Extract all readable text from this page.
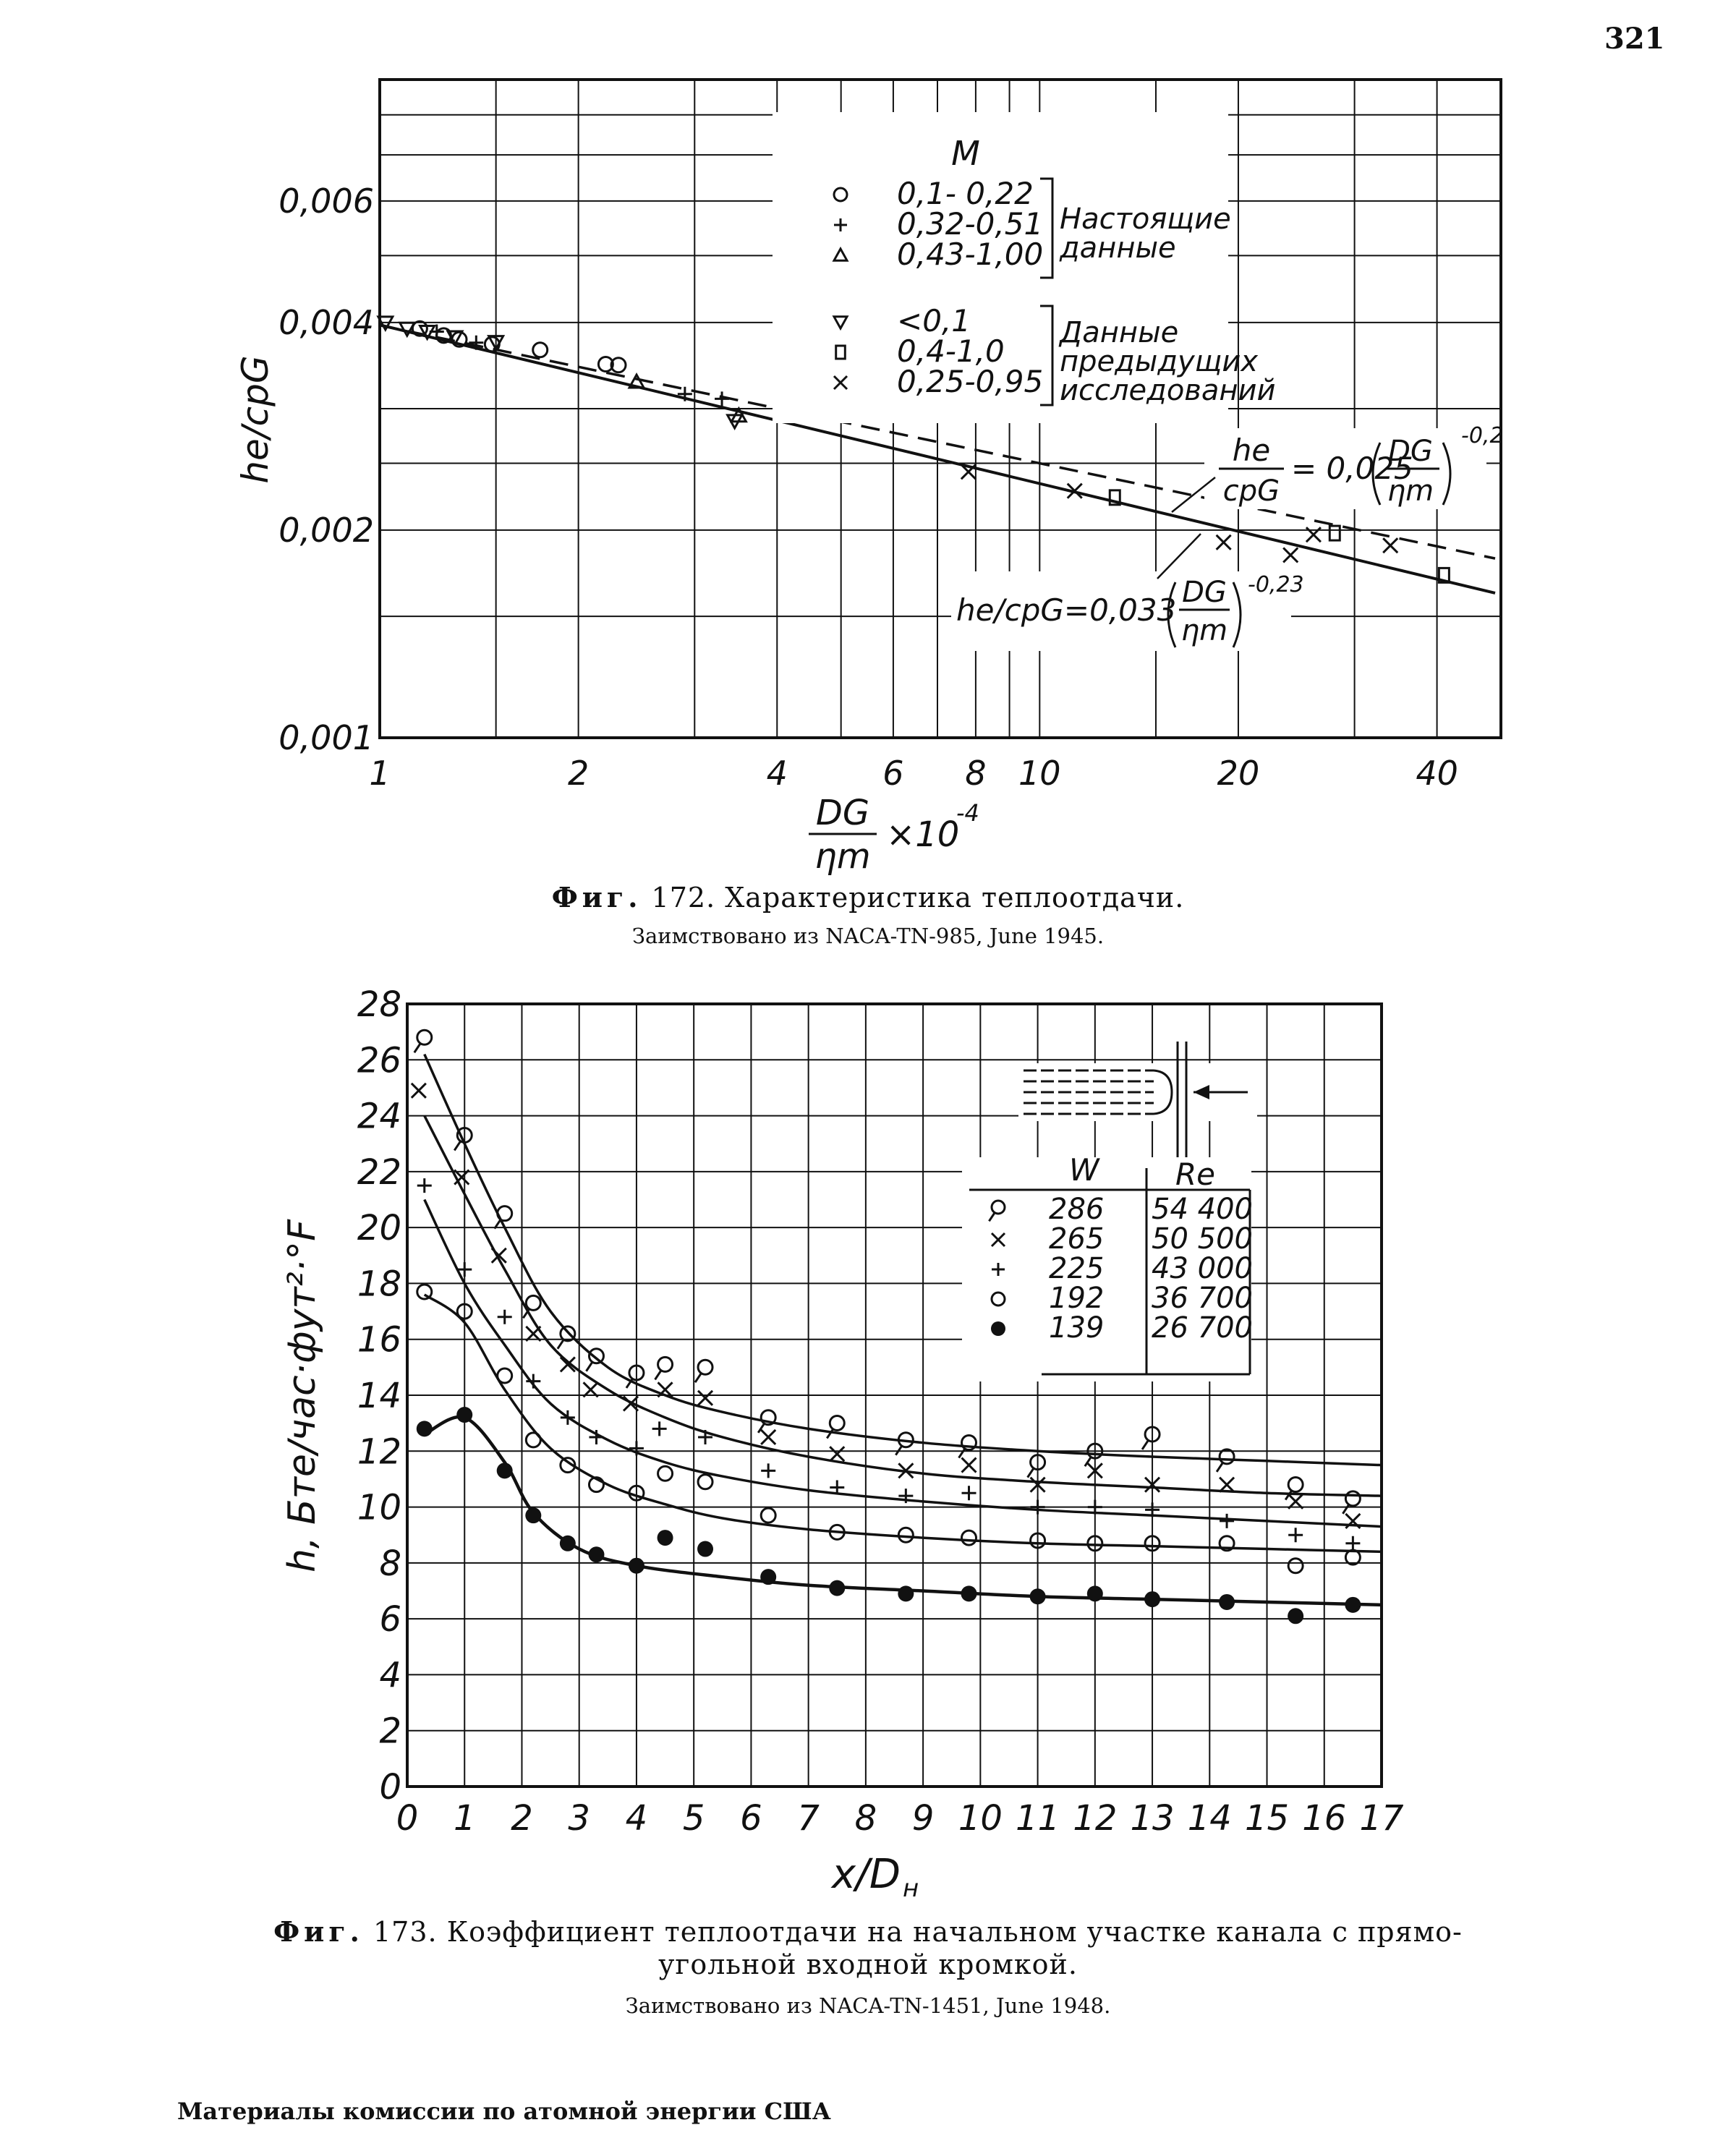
321
he
cpG
= 0,025
DG
ηm
-0,2
he/cpG=0,033 DG
ηm
-0,23
M
0,1- 0,22
0,32-0,51
0,43-1,00
Настоящие
данные
<0,1
0,4-1,0
0,25-0,95
Данные
предыдущих
исследований
1	2	4	6 8 10	20	40
0,001
0,002
0,004
0,006
he/cpG
DG
ηm
×10
-4
Фиг. 172. Характеристика теплоотдачи.
Заимствовано из NACA-TN-985, June 1945.
W	Re
286 54 400
265 50 500
225 43 000
192 36 700
139 26 700
0 1 2 3 4 5 6 7 8 9 10 11 12 13 14 15 16 17
0
2
4
6
8
10
12
14
16
18
20
22
24
26
28
h, Бте/час·фут²·°F
x/D н
Фиг. 173. Коэффициент теплоотдачи на начальном участке канала с прямо-
угольной входной кромкой.
Заимствовано из NACA-TN-1451, June 1948.
Материалы комиссии по атомной энергии США
